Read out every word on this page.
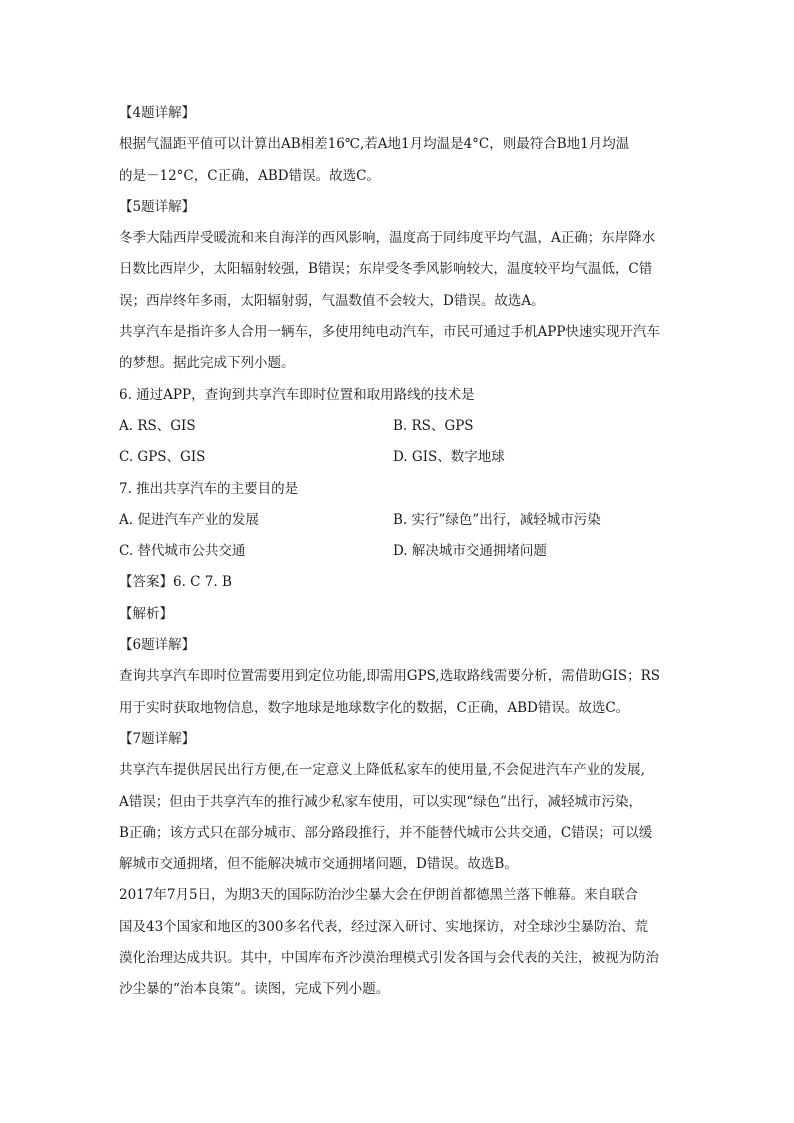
【4题详解】
根据气温距平值可以计算出AB相差16℃,若A地1月均温是4°C，则最符合B地1月均温
的是－12°C，C正确，ABD错误。故选C。
【5题详解】
冬季大陆西岸受暖流和来自海洋的西风影响，温度高于同纬度平均气温，A正确；东岸降水
日数比西岸少，太阳辐射较强，B错误；东岸受冬季风影响较大，温度较平均气温低，C错
误；西岸终年多雨，太阳辐射弱，气温数值不会较大，D错误。故选A。
共享汽车是指许多人合用一辆车，多使用纯电动汽车，市民可通过手机APP快速实现开汽车
的梦想。据此完成下列小题。
6. 通过APP，查询到共享汽车即时位置和取用路线的技术是
A. RS、GIS	B. RS、GPS
C. GPS、GIS	D. GIS、数字地球
7. 推出共享汽车的主要目的是
A. 促进汽车产业的发展	B. 实行”绿色”出行，减轻城市污染
C. 替代城市公共交通	D. 解决城市交通拥堵问题
【答案】6. C 7. B
【解析】
【6题详解】
查询共享汽车即时位置需要用到定位功能,即需用GPS,选取路线需要分析，需借助GIS；RS
用于实时获取地物信息，数字地球是地球数字化的数据，C正确，ABD错误。故选C。
【7题详解】
共享汽车提供居民出行方便,在一定意义上降低私家车的使用量,不会促进汽车产业的发展,
A错误；但由于共享汽车的推行减少私家车使用，可以实现“绿色”出行，减轻城市污染，
B正确；该方式只在部分城市、部分路段推行，并不能替代城市公共交通，C错误；可以缓
解城市交通拥堵，但不能解决城市交通拥堵问题，D错误。故选B。
2017年7月5日，为期3天的国际防治沙尘暴大会在伊朗首都德黑兰落下帷幕。来自联合
国及43个国家和地区的300多名代表，经过深入研讨、实地探访，对全球沙尘暴防治、荒
漠化治理达成共识。其中，中国库布齐沙漠治理模式引发各国与会代表的关注，被视为防治
沙尘暴的“治本良策”。读图，完成下列小题。
